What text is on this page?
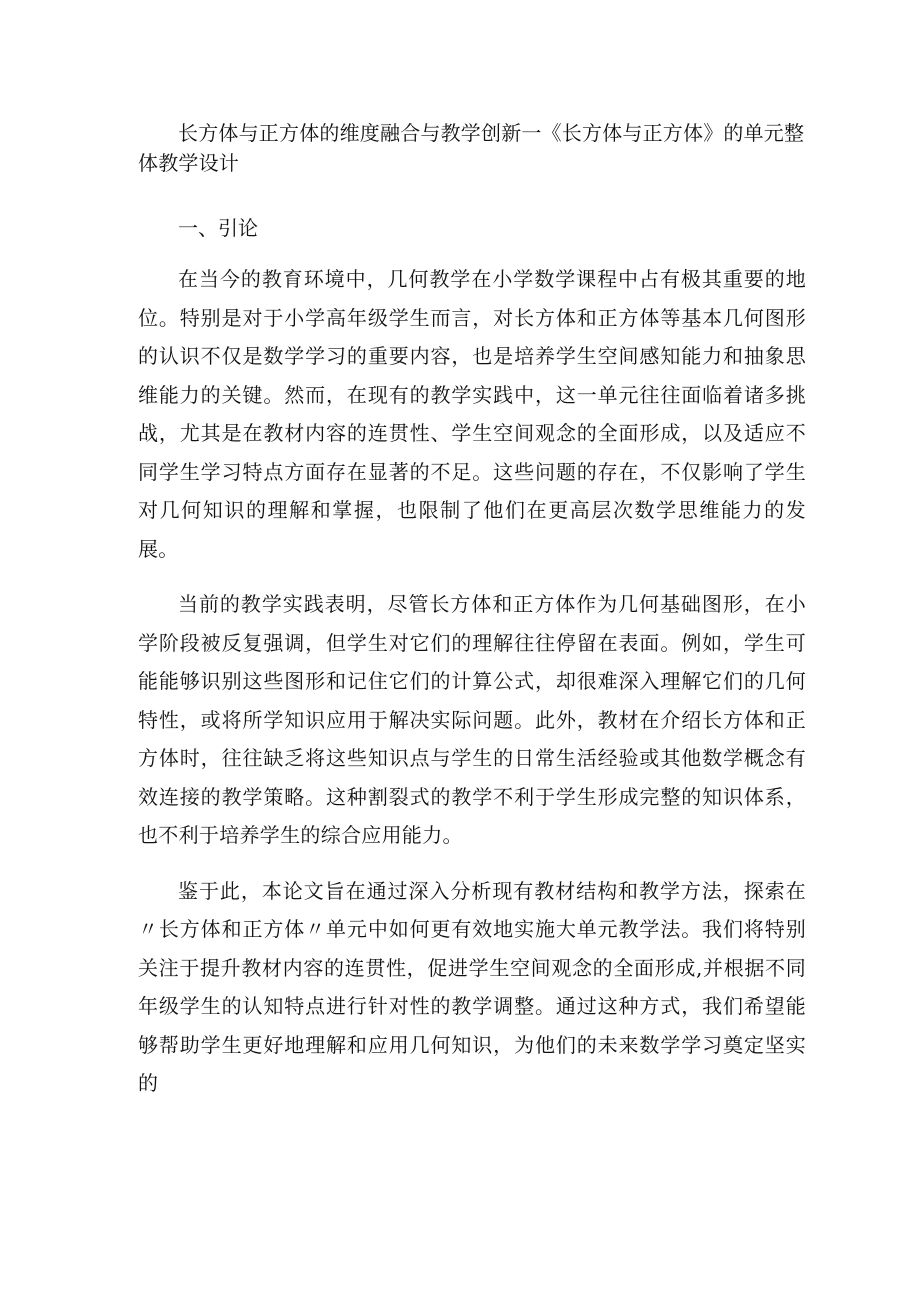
长方体与正方体的维度融合与教学创新一《长方体与正方体》的单元整体教学设计
一、引论

在当今的教育环境中，几何教学在小学数学课程中占有极其重要的地位。特别是对于小学高年级学生而言，对长方体和正方体等基本几何图形的认识不仅是数学学习的重要内容，也是培养学生空间感知能力和抽象思维能力的关键。然而，在现有的教学实践中，这一单元往往面临着诸多挑战，尤其是在教材内容的连贯性、学生空间观念的全面形成，以及适应不同学生学习特点方面存在显著的不足。这些问题的存在，不仅影响了学生对几何知识的理解和掌握，也限制了他们在更高层次数学思维能力的发展。

当前的教学实践表明，尽管长方体和正方体作为几何基础图形，在小学阶段被反复强调，但学生对它们的理解往往停留在表面。例如，学生可能能够识别这些图形和记住它们的计算公式，却很难深入理解它们的几何特性，或将所学知识应用于解决实际问题。此外，教材在介绍长方体和正方体时，往往缺乏将这些知识点与学生的日常生活经验或其他数学概念有效连接的教学策略。这种割裂式的教学不利于学生形成完整的知识体系，也不利于培养学生的综合应用能力。

鉴于此，本论文旨在通过深入分析现有教材结构和教学方法，探索在〃长方体和正方体〃单元中如何更有效地实施大单元教学法。我们将特别关注于提升教材内容的连贯性，促进学生空间观念的全面形成,并根据不同年级学生的认知特点进行针对性的教学调整。通过这种方式，我们希望能够帮助学生更好地理解和应用几何知识，为他们的未来数学学习奠定坚实的
